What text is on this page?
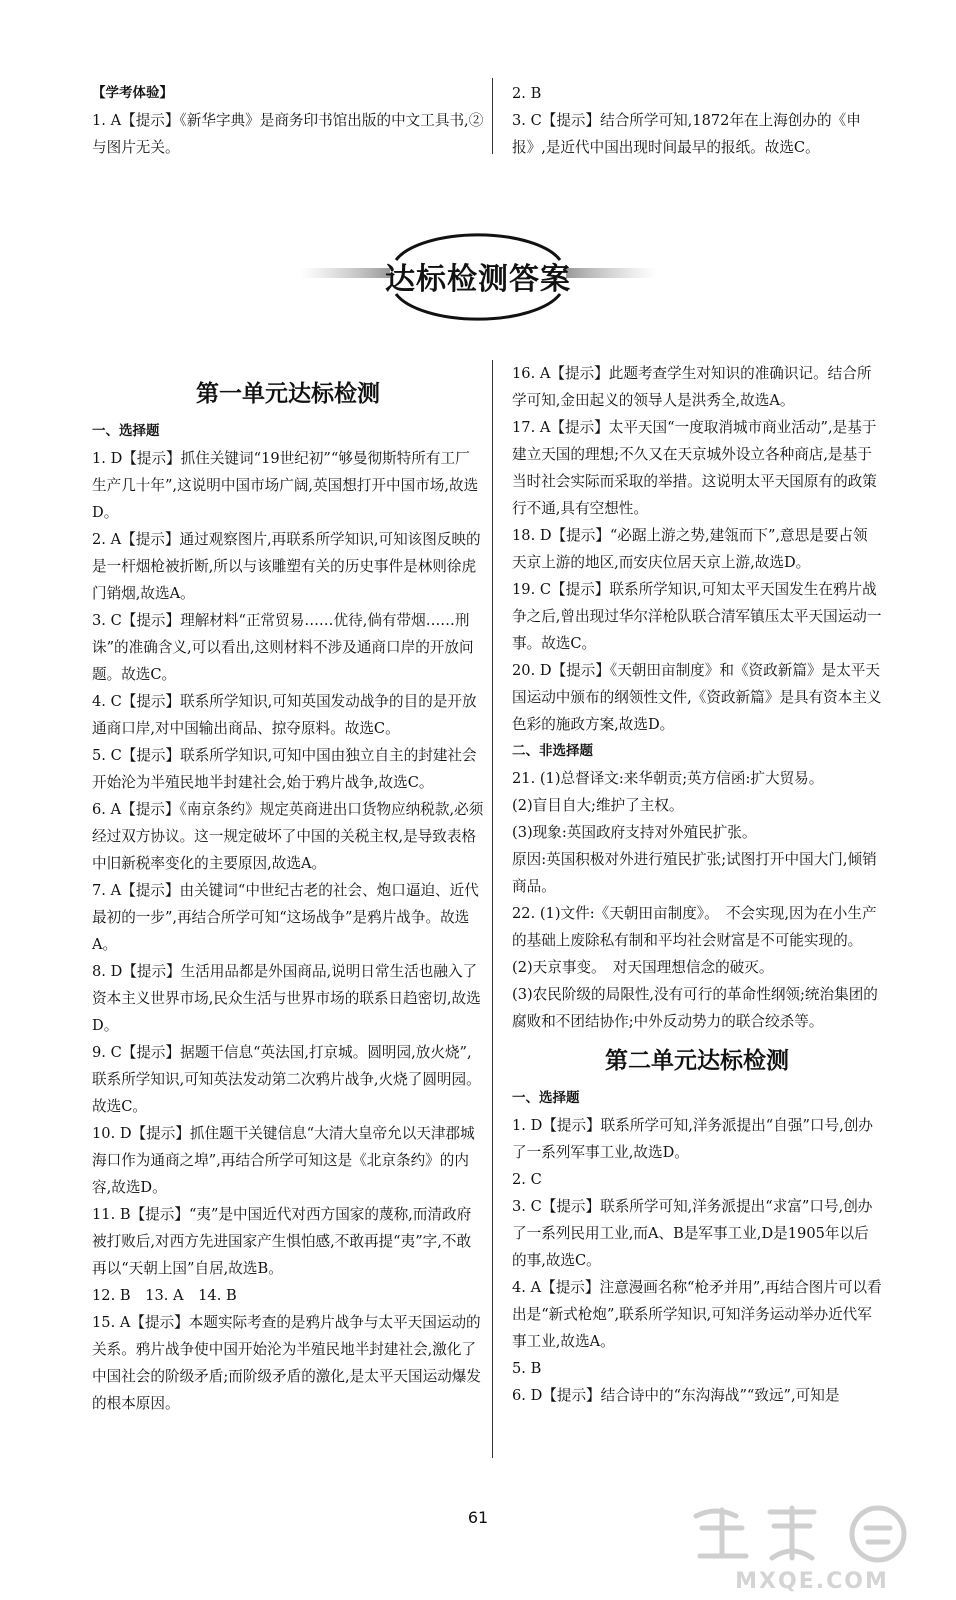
【学考体验】

1. A【提示】《新华字典》是商务印书馆出版的中文工具书,②与图片无关。

2. B

3. C【提示】结合所学可知,1872年在上海创办的《申报》,是近代中国出现时间最早的报纸。故选C。

达标检测答案
第一单元达标检测

一、选择题

1. D【提示】抓住关键词“19世纪初”“够曼彻斯特所有工厂生产几十年”,这说明中国市场广阔,英国想打开中国市场,故选D。

2. A【提示】通过观察图片,再联系所学知识,可知该图反映的是一杆烟枪被折断,所以与该雕塑有关的历史事件是林则徐虎门销烟,故选A。

3. C【提示】理解材料“正常贸易……优待,倘有带烟……刑诛”的准确含义,可以看出,这则材料不涉及通商口岸的开放问题。故选C。

4. C【提示】联系所学知识,可知英国发动战争的目的是开放通商口岸,对中国输出商品、掠夺原料。故选C。

5. C【提示】联系所学知识,可知中国由独立自主的封建社会开始沦为半殖民地半封建社会,始于鸦片战争,故选C。

6. A【提示】《南京条约》规定英商进出口货物应纳税款,必须经过双方协议。这一规定破坏了中国的关税主权,是导致表格中旧新税率变化的主要原因,故选A。

7. A【提示】由关键词“中世纪古老的社会、炮口逼迫、近代最初的一步”,再结合所学可知“这场战争”是鸦片战争。故选A。

8. D【提示】生活用品都是外国商品,说明日常生活也融入了资本主义世界市场,民众生活与世界市场的联系日趋密切,故选D。

9. C【提示】据题干信息“英法国,打京城。圆明园,放火烧”,联系所学知识,可知英法发动第二次鸦片战争,火烧了圆明园。故选C。

10. D【提示】抓住题干关键信息“大清大皇帝允以天津郡城海口作为通商之埠”,再结合所学可知这是《北京条约》的内容,故选D。

11. B【提示】“夷”是中国近代对西方国家的蔑称,而清政府被打败后,对西方先进国家产生惧怕感,不敢再提“夷”字,不敢再以“天朝上国”自居,故选B。

12. B　13. A　14. B

15. A【提示】本题实际考查的是鸦片战争与太平天国运动的关系。鸦片战争使中国开始沦为半殖民地半封建社会,激化了中国社会的阶级矛盾;而阶级矛盾的激化,是太平天国运动爆发的根本原因。

16. A【提示】此题考查学生对知识的准确识记。结合所学可知,金田起义的领导人是洪秀全,故选A。

17. A【提示】太平天国“一度取消城市商业活动”,是基于建立天国的理想;不久又在天京城外设立各种商店,是基于当时社会实际而采取的举措。这说明太平天国原有的政策行不通,具有空想性。

18. D【提示】“必踞上游之势,建瓴而下”,意思是要占领天京上游的地区,而安庆位居天京上游,故选D。

19. C【提示】联系所学知识,可知太平天国发生在鸦片战争之后,曾出现过华尔洋枪队联合清军镇压太平天国运动一事。故选C。

20. D【提示】《天朝田亩制度》和《资政新篇》是太平天国运动中颁布的纲领性文件,《资政新篇》是具有资本主义色彩的施政方案,故选D。

二、非选择题

21. (1)总督译文:来华朝贡;英方信函:扩大贸易。

(2)盲目自大;维护了主权。

(3)现象:英国政府支持对外殖民扩张。

原因:英国积极对外进行殖民扩张;试图打开中国大门,倾销商品。

22. (1)文件:《天朝田亩制度》。　不会实现,因为在小生产的基础上废除私有制和平均社会财富是不可能实现的。

(2)天京事变。　对天国理想信念的破灭。

(3)农民阶级的局限性,没有可行的革命性纲领;统治集团的腐败和不团结协作;中外反动势力的联合绞杀等。

第二单元达标检测

一、选择题

1. D【提示】联系所学可知,洋务派提出“自强”口号,创办了一系列军事工业,故选D。

2. C

3. C【提示】联系所学可知,洋务派提出“求富”口号,创办了一系列民用工业,而A、B是军事工业,D是1905年以后的事,故选C。

4. A【提示】注意漫画名称“枪矛并用”,再结合图片可以看出是“新式枪炮”,联系所学知识,可知洋务运动举办近代军事工业,故选A。

5. B

6. D【提示】结合诗中的“东沟海战”“致远”,可知是

61
MXQE.COM
